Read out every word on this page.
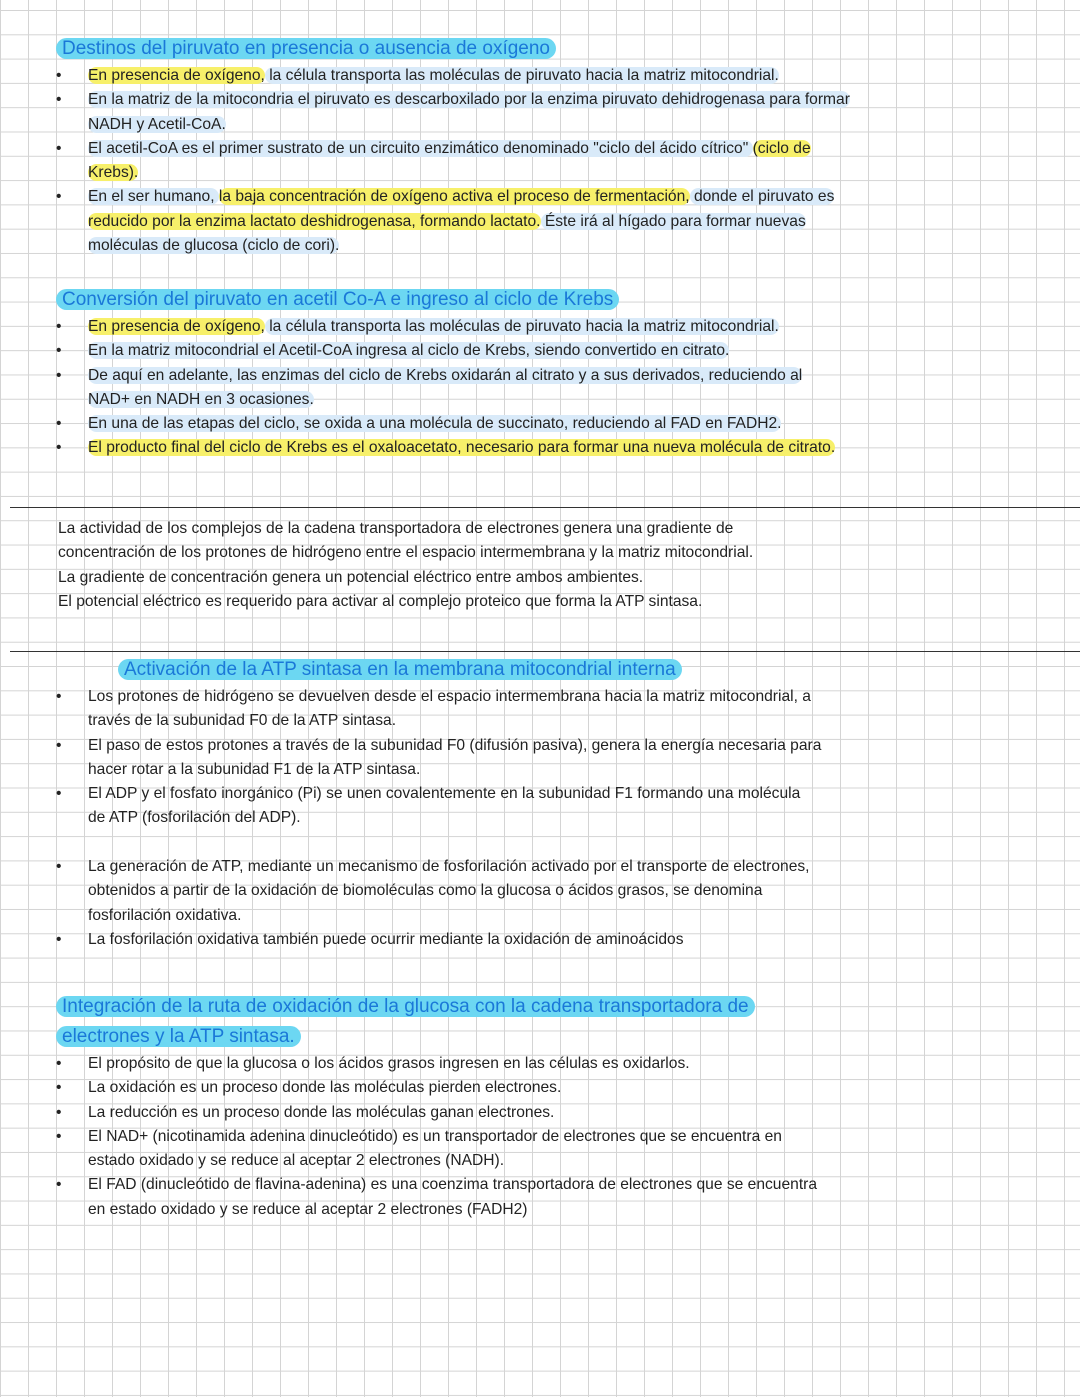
Destinos del piruvato en presencia o ausencia de oxígeno
• En presencia de oxígeno, la célula transporta las moléculas de piruvato hacia la matriz mitocondrial.
• En la matriz de la mitocondria el piruvato es descarboxilado por la enzima piruvato dehidrogenasa para formar
NADH y Acetil-CoA.
• El acetil-CoA es el primer sustrato de un circuito enzimático denominado "ciclo del ácido cítrico" (ciclo de
Krebs).
• En el ser humano, la baja concentración de oxígeno activa el proceso de fermentación, donde el piruvato es
reducido por la enzima lactato deshidrogenasa, formando lactato. Éste irá al hígado para formar nuevas
moléculas de glucosa (ciclo de cori).
Conversión del piruvato en acetil Co-A e ingreso al ciclo de Krebs
• En presencia de oxígeno, la célula transporta las moléculas de piruvato hacia la matriz mitocondrial.
• En la matriz mitocondrial el Acetil-CoA ingresa al ciclo de Krebs, siendo convertido en citrato.
• De aquí en adelante, las enzimas del ciclo de Krebs oxidarán al citrato y a sus derivados, reduciendo al
NAD+ en NADH en 3 ocasiones.
• En una de las etapas del ciclo, se oxida a una molécula de succinato, reduciendo al FAD en FADH2.
• El producto final del ciclo de Krebs es el oxaloacetato, necesario para formar una nueva molécula de citrato.
Activación de la ATP sintasa en la membrana mitocondrial interna
• Los protones de hidrógeno se devuelven desde el espacio intermembrana hacia la matriz mitocondrial, a
través de la subunidad F0 de la ATP sintasa.
• El paso de estos protones a través de la subunidad F0 (difusión pasiva), genera la energía necesaria para
hacer rotar a la subunidad F1 de la ATP sintasa.
• El ADP y el fosfato inorgánico (Pi) se unen covalentemente en la subunidad F1 formando una molécula
de ATP (fosforilación del ADP).
• La generación de ATP, mediante un mecanismo de fosforilación activado por el transporte de electrones,
obtenidos a partir de la oxidación de biomoléculas como la glucosa o ácidos grasos, se denomina
fosforilación oxidativa.
• La fosforilación oxidativa también puede ocurrir mediante la oxidación de aminoácidos
Integración de la ruta de oxidación de la glucosa con la cadena transportadora de
electrones y la ATP sintasa.
• El propósito de que la glucosa o los ácidos grasos ingresen en las células es oxidarlos.
• La oxidación es un proceso donde las moléculas pierden electrones.
• La reducción es un proceso donde las moléculas ganan electrones.
• El NAD+ (nicotinamida adenina dinucleótido) es un transportador de electrones que se encuentra en
estado oxidado y se reduce al aceptar 2 electrones (NADH).
• El FAD (dinucleótido de flavina-adenina) es una coenzima transportadora de electrones que se encuentra
en estado oxidado y se reduce al aceptar 2 electrones (FADH2)

La actividad de los complejos de la cadena transportadora de electrones genera una gradiente de
concentración de los protones de hidrógeno entre el espacio intermembrana y la matriz mitocondrial.
La gradiente de concentración genera un potencial eléctrico entre ambos ambientes.
El potencial eléctrico es requerido para activar al complejo proteico que forma la ATP sintasa.
